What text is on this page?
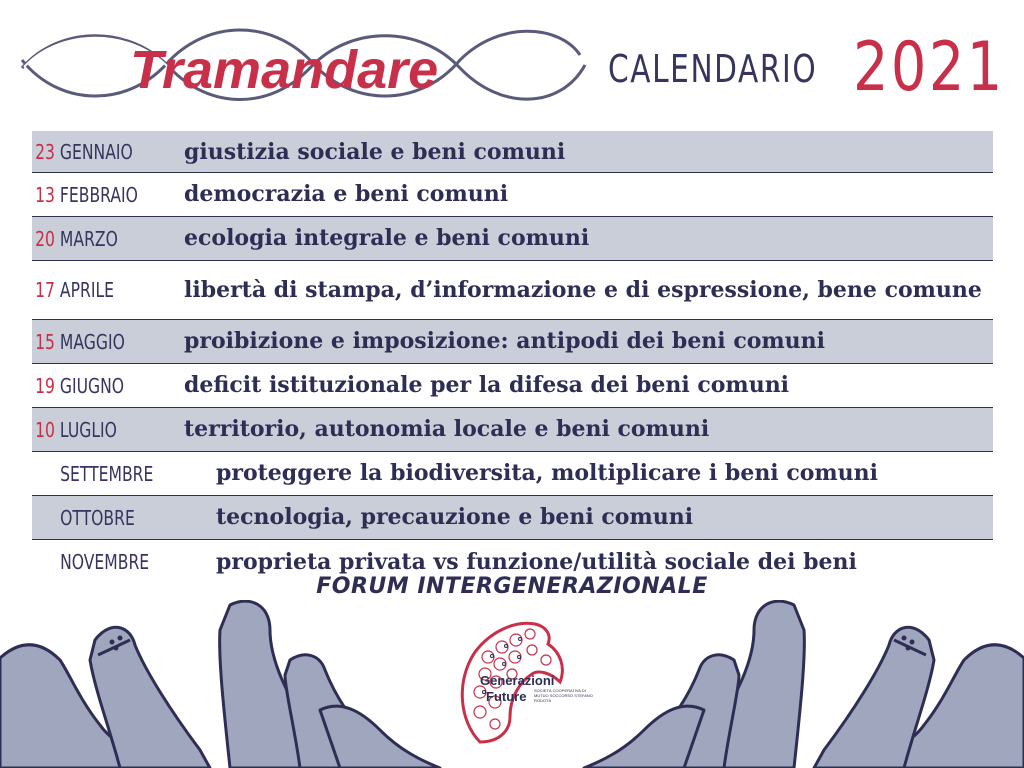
Tramandare	CALENDARIO 2021
23 GENNAIO	giustizia sociale e beni comuni
13 FEBBRAIO	democrazia e beni comuni
20 MARZO	ecologia integrale e beni comuni
17 APRILE	libertà di stampa, d’informazione e di espressione, bene comune
15 MAGGIO	proibizione e imposizione: antipodi dei beni comuni
19 GIUGNO	deficit istituzionale per la difesa dei beni comuni
10 LUGLIO	territorio, autonomia locale e beni comuni
SETTEMBRE	proteggere la biodiversita, moltiplicare i beni comuni
OTTOBRE	tecnologia, precauzione e beni comuni
NOVEMBRE	proprieta privata vs funzione/utilità sociale dei beni
FORUM INTERGENERAZIONALE
Generazioni
Future SOCIETÀ COOPERATIVA DI MUTUO SOCCORSO STEFANO RODOTÀ
